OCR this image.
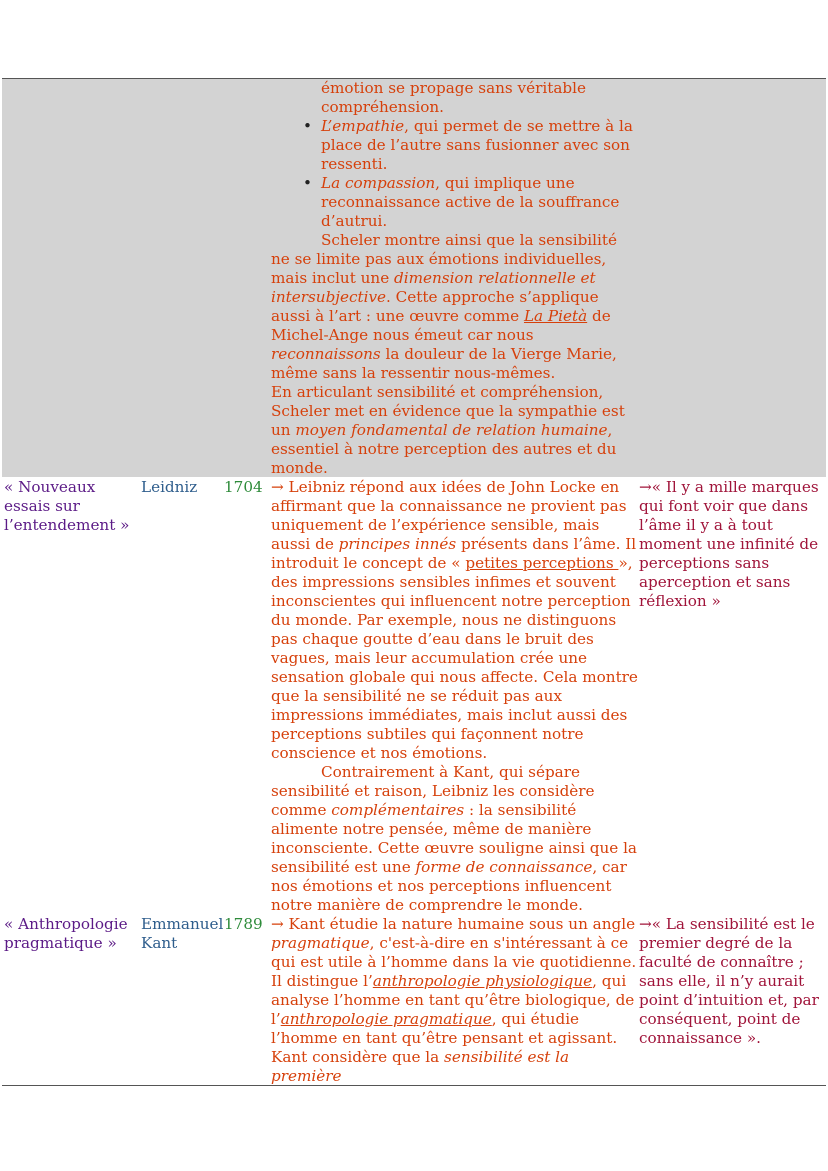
émotion se propage sans véritable compréhension.
• L’empathie, qui permet de se mettre à la place de l’autre sans fusionner avec son ressenti.
• La compassion, qui implique une reconnaissance active de la souffrance d’autrui.

Scheler montre ainsi que la sensibilité ne se limite pas aux émotions individuelles, mais inclut une dimension relationnelle et intersubjective. Cette approche s’applique aussi à l’art : une œuvre comme La Pietà de Michel-Ange nous émeut car nous reconnaissons la douleur de la Vierge Marie, même sans la ressentir nous-mêmes.

En articulant sensibilité et compréhension, Scheler met en évidence que la sympathie est un moyen fondamental de relation humaine, essentiel à notre perception des autres et du monde.

« Nouveaux essais sur l’entendement »
Leidniz	1704 → Leibniz répond aux idées de John Locke en affirmant que la connaissance ne provient pas uniquement de l’expérience sensible, mais aussi de principes innés présents dans l’âme. Il introduit le concept de « petites perceptions », des impressions sensibles infimes et souvent inconscientes qui influencent notre perception du monde. Par exemple, nous ne distinguons pas chaque goutte d’eau dans le bruit des vagues, mais leur accumulation crée une sensation globale qui nous affecte. Cela montre que la sensibilité ne se réduit pas aux impressions immédiates, mais inclut aussi des perceptions subtiles qui façonnent notre conscience et nos émotions.

Contrairement à Kant, qui sépare sensibilité et raison, Leibniz les considère comme complémentaires : la sensibilité alimente notre pensée, même de manière inconsciente. Cette œuvre souligne ainsi que la sensibilité est une forme de connaissance, car nos émotions et nos perceptions influencent notre manière de comprendre le monde.

→« Il y a mille marques qui font voir que dans l’âme il y a à tout moment une infinité de perceptions sans aperception et sans réflexion »
« Anthropologie pragmatique »
Emmanuel Kant
1789 → Kant étudie la nature humaine sous un angle pragmatique, c'est-à-dire en s'intéressant à ce qui est utile à l’homme dans la vie quotidienne. Il distingue l’anthropologie physiologique, qui analyse l’homme en tant qu’être biologique, de l’anthropologie pragmatique, qui étudie l’homme en tant qu’être pensant et agissant. Kant considère que la sensibilité est la première

→« La sensibilité est le premier degré de la faculté de connaître ; sans elle, il n’y aurait point d’intuition et, par conséquent, point de connaissance ».
